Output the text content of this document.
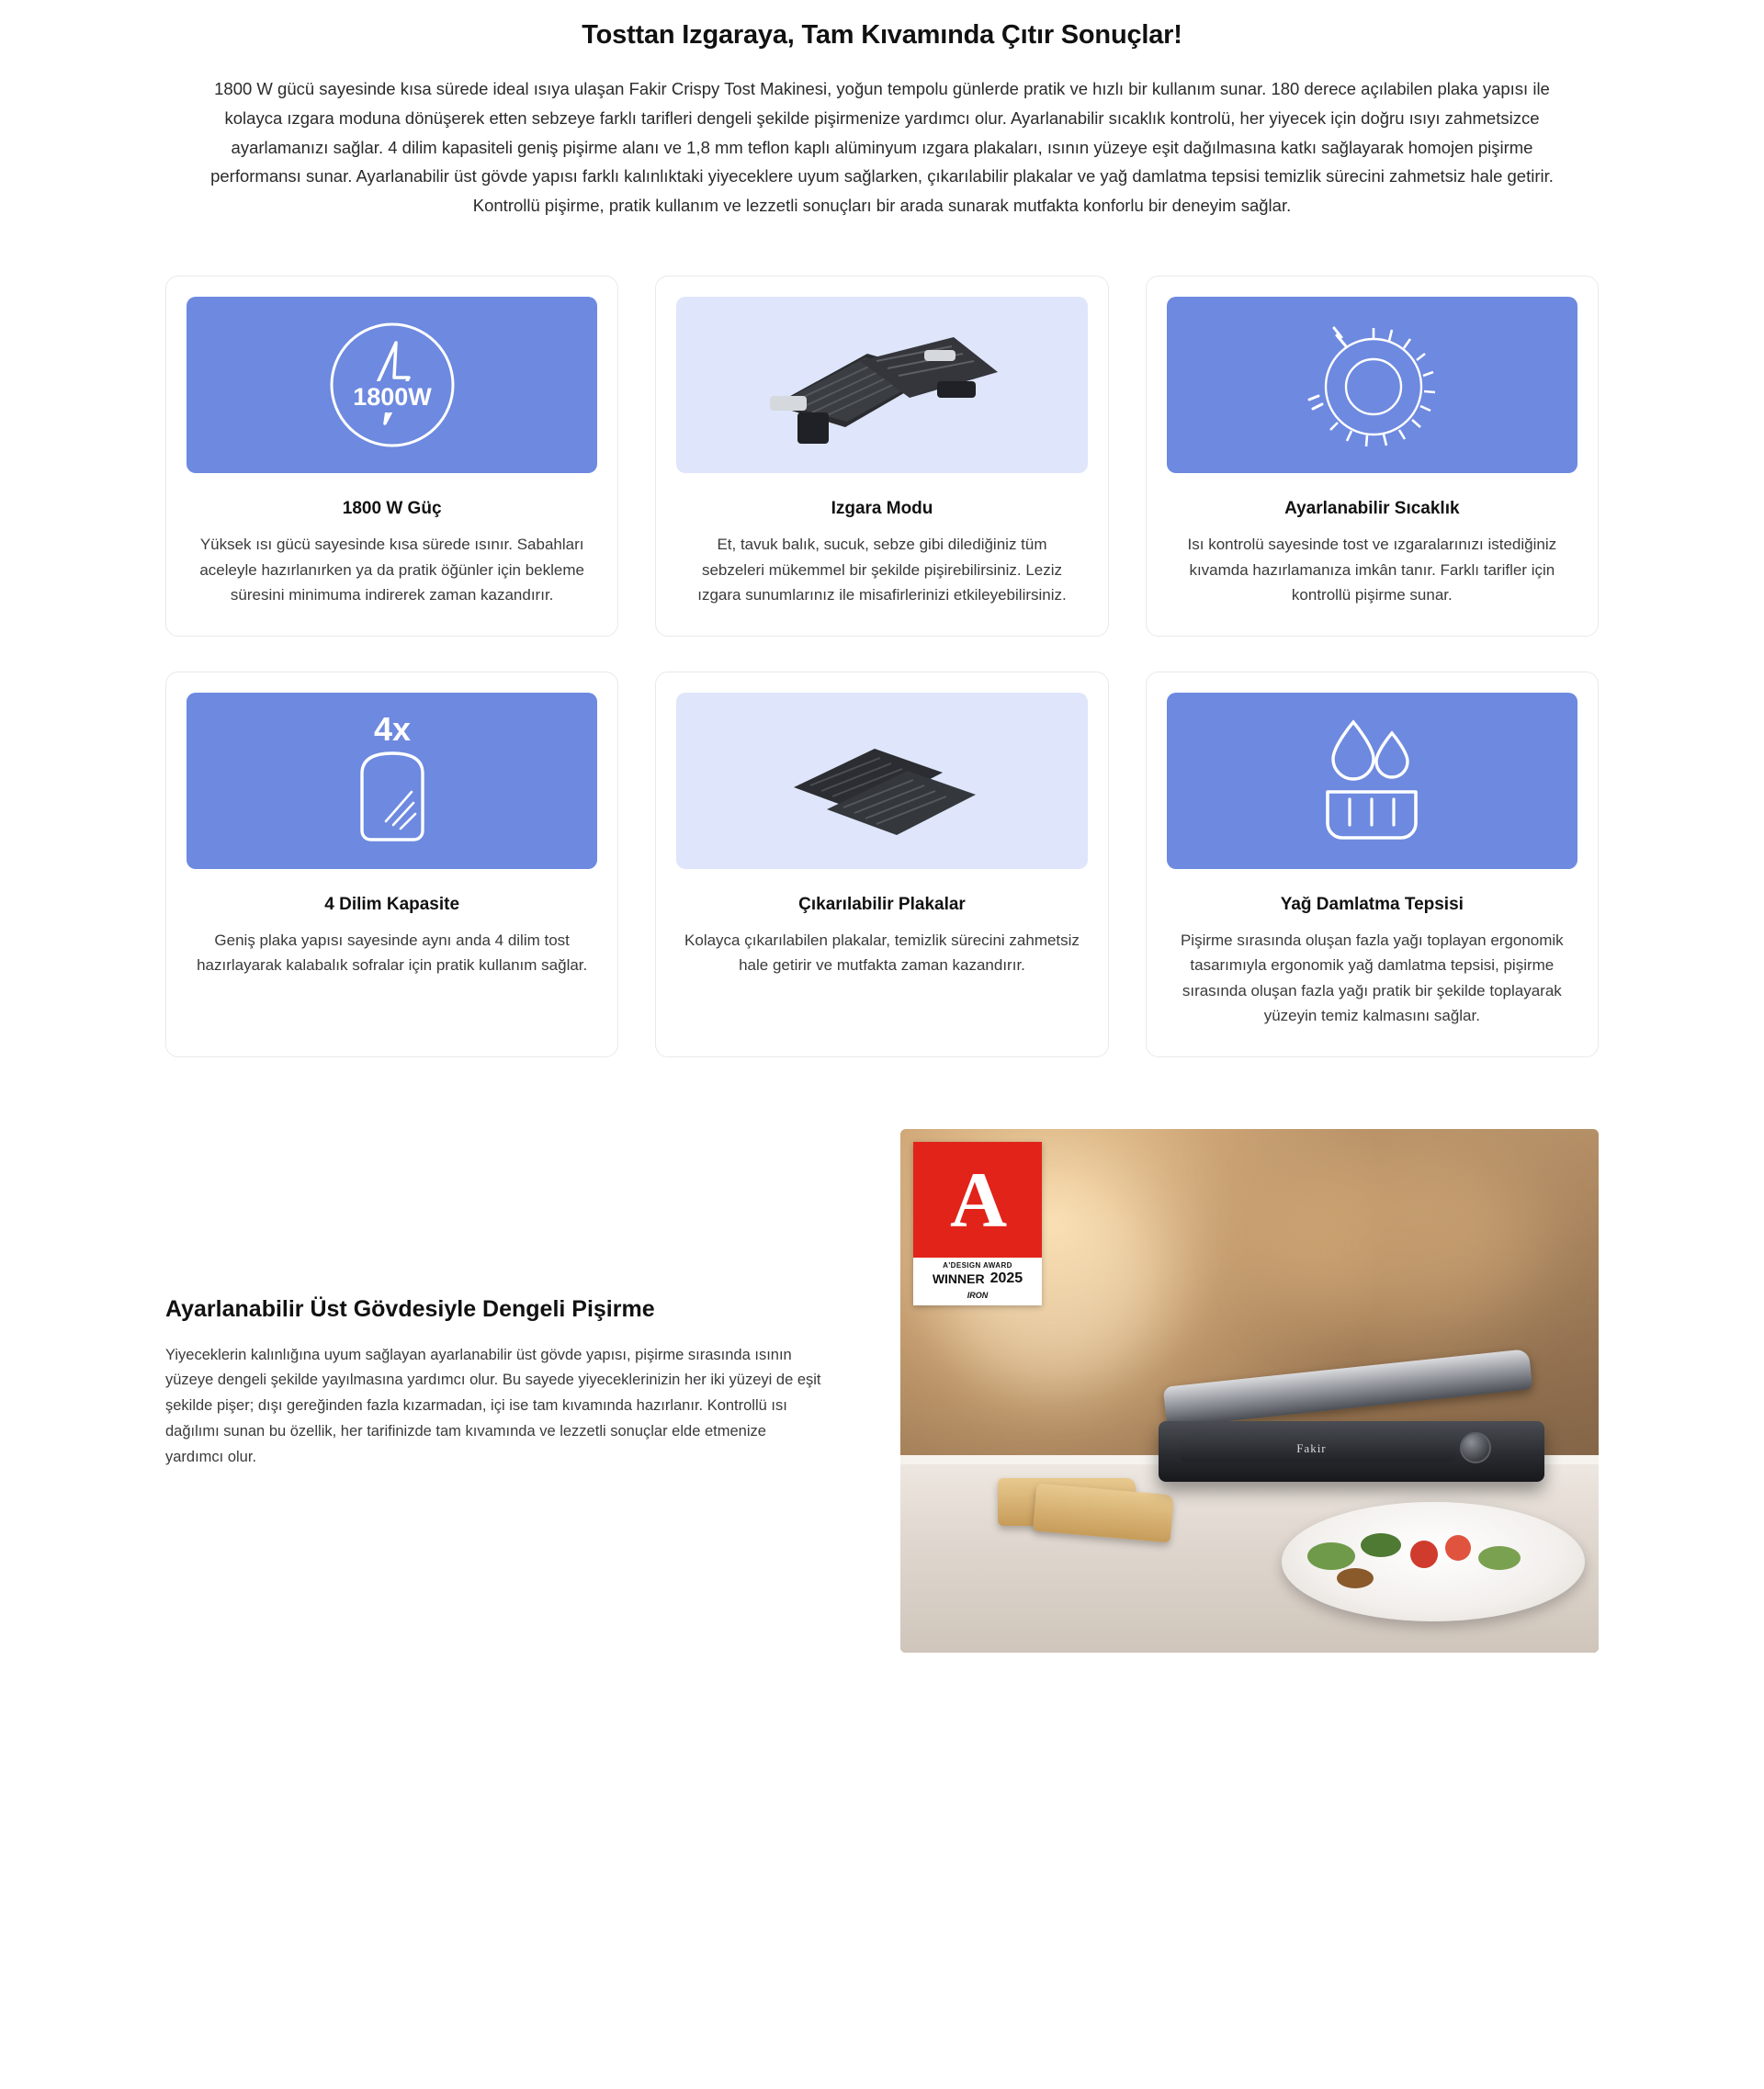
Tosttan Izgaraya, Tam Kıvamında Çıtır Sonuçlar!

1800 W gücü sayesinde kısa sürede ideal ısıya ulaşan Fakir Crispy Tost Makinesi, yoğun tempolu günlerde pratik ve hızlı bir kullanım sunar. 180 derece açılabilen plaka yapısı ile kolayca ızgara moduna dönüşerek etten sebzeye farklı tarifleri dengeli şekilde pişirmenize yardımcı olur. Ayarlanabilir sıcaklık kontrolü, her yiyecek için doğru ısıyı zahmetsizce ayarlamanızı sağlar. 4 dilim kapasiteli geniş pişirme alanı ve 1,8 mm teflon kaplı alüminyum ızgara plakaları, ısının yüzeye eşit dağılmasına katkı sağlayarak homojen pişirme performansı sunar. Ayarlanabilir üst gövde yapısı farklı kalınlıktaki yiyeceklere uyum sağlarken, çıkarılabilir plakalar ve yağ damlatma tepsisi temizlik sürecini zahmetsiz hale getirir. Kontrollü pişirme, pratik kullanım ve lezzetli sonuçları bir arada sunarak mutfakta konforlu bir deneyim sağlar.

1800W
1800 W Güç
Yüksek ısı gücü sayesinde kısa sürede ısınır. Sabahları aceleyle hazırlanırken ya da pratik öğünler için bekleme süresini minimuma indirerek zaman kazandırır.
Izgara Modu
Et, tavuk balık, sucuk, sebze gibi dilediğiniz tüm sebzeleri mükemmel bir şekilde pişirebilirsiniz. Leziz ızgara sunumlarınız ile misafirlerinizi etkileyebilirsiniz.
Ayarlanabilir Sıcaklık
Isı kontrolü sayesinde tost ve ızgaralarınızı istediğiniz kıvamda hazırlamanıza imkân tanır. Farklı tarifler için kontrollü pişirme sunar.
4x
4 Dilim Kapasite
Geniş plaka yapısı sayesinde aynı anda 4 dilim tost hazırlayarak kalabalık sofralar için pratik kullanım sağlar.
Çıkarılabilir Plakalar
Kolayca çıkarılabilen plakalar, temizlik sürecini zahmetsiz hale getirir ve mutfakta zaman kazandırır.
Yağ Damlatma Tepsisi
Pişirme sırasında oluşan fazla yağı toplayan ergonomik tasarımıyla ergonomik yağ damlatma tepsisi, pişirme sırasında oluşan fazla yağı pratik bir şekilde toplayarak yüzeyin temiz kalmasını sağlar.
Ayarlanabilir Üst Gövdesiyle Dengeli Pişirme

Yiyeceklerin kalınlığına uyum sağlayan ayarlanabilir üst gövde yapısı, pişirme sırasında ısının yüzeye dengeli şekilde yayılmasına yardımcı olur. Bu sayede yiyeceklerinizin her iki yüzeyi de eşit şekilde pişer; dışı gereğinden fazla kızarmadan, içi ise tam kıvamında hazırlanır. Kontrollü ısı dağılımı sunan bu özellik, her tarifinizde tam kıvamında ve lezzetli sonuçlar elde etmenize yardımcı olur.

Fakir
A
A'DESIGN AWARD
WINNER 2025
IRON
